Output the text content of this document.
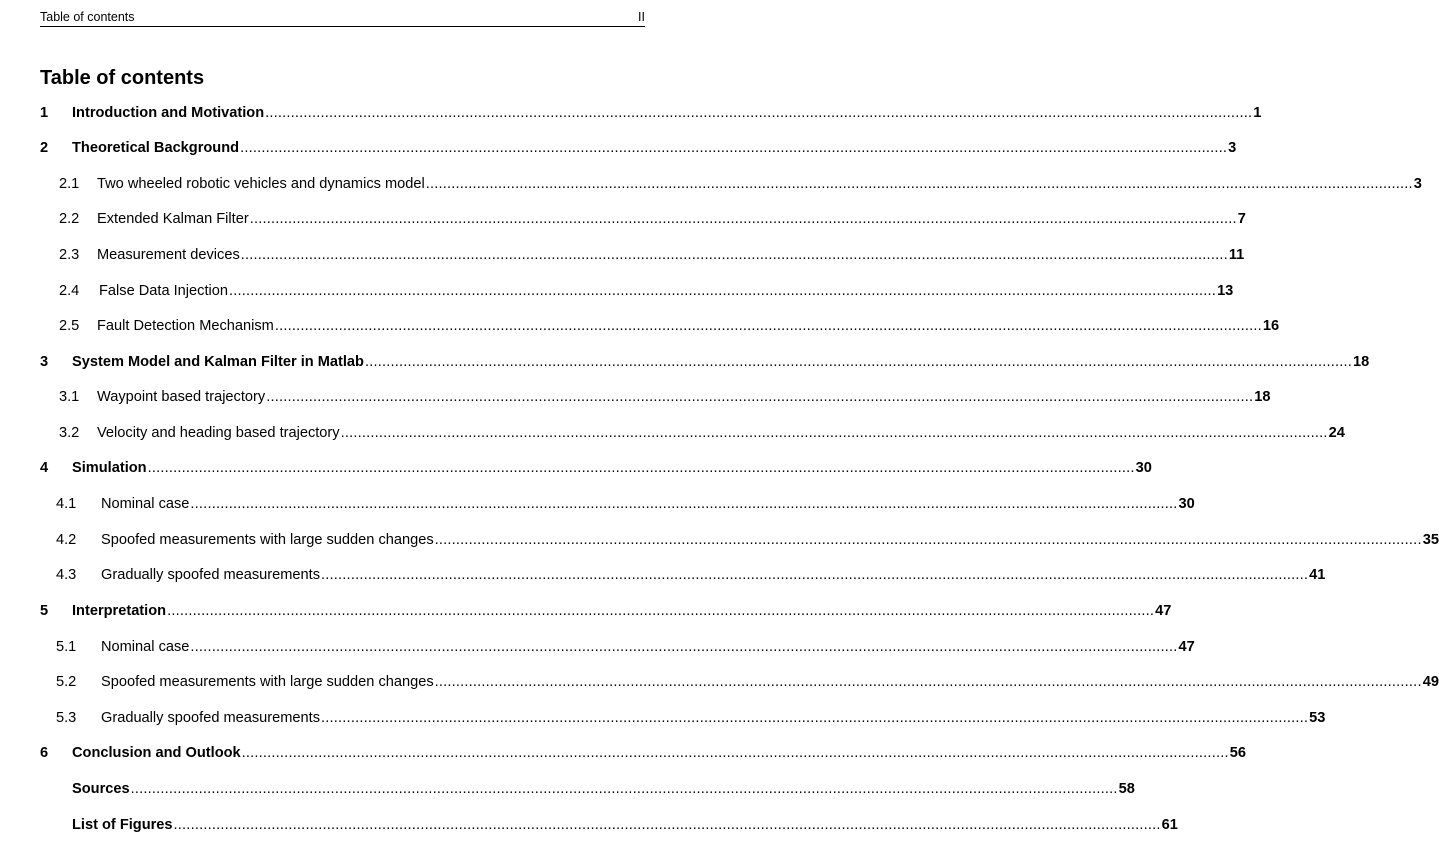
Table of contents	II
Table of contents
1 Introduction and Motivation ........................................................................................................................................................................................................................................ 1
2 Theoretical Background ........................................................................................................................................................................................................................................ 3
2.1 Two wheeled robotic vehicles and dynamics model ........................................................................................................................................................................................................................................ 3
2.2 Extended Kalman Filter ........................................................................................................................................................................................................................................ 7
2.3 Measurement devices ........................................................................................................................................................................................................................................ 11
2.4 False Data Injection ........................................................................................................................................................................................................................................ 13
2.5 Fault Detection Mechanism ........................................................................................................................................................................................................................................ 16
3 System Model and Kalman Filter in Matlab ........................................................................................................................................................................................................................................ 18
3.1 Waypoint based trajectory ........................................................................................................................................................................................................................................ 18
3.2 Velocity and heading based trajectory ........................................................................................................................................................................................................................................ 24
4 Simulation ........................................................................................................................................................................................................................................ 30
4.1 Nominal case ........................................................................................................................................................................................................................................ 30
4.2 Spoofed measurements with large sudden changes ........................................................................................................................................................................................................................................ 35
4.3 Gradually spoofed measurements ........................................................................................................................................................................................................................................ 41
5 Interpretation ........................................................................................................................................................................................................................................ 47
5.1 Nominal case ........................................................................................................................................................................................................................................ 47
5.2 Spoofed measurements with large sudden changes ........................................................................................................................................................................................................................................ 49
5.3 Gradually spoofed measurements ........................................................................................................................................................................................................................................ 53
6 Conclusion and Outlook ........................................................................................................................................................................................................................................ 56
Sources ........................................................................................................................................................................................................................................ 58
List of Figures ........................................................................................................................................................................................................................................ 61
